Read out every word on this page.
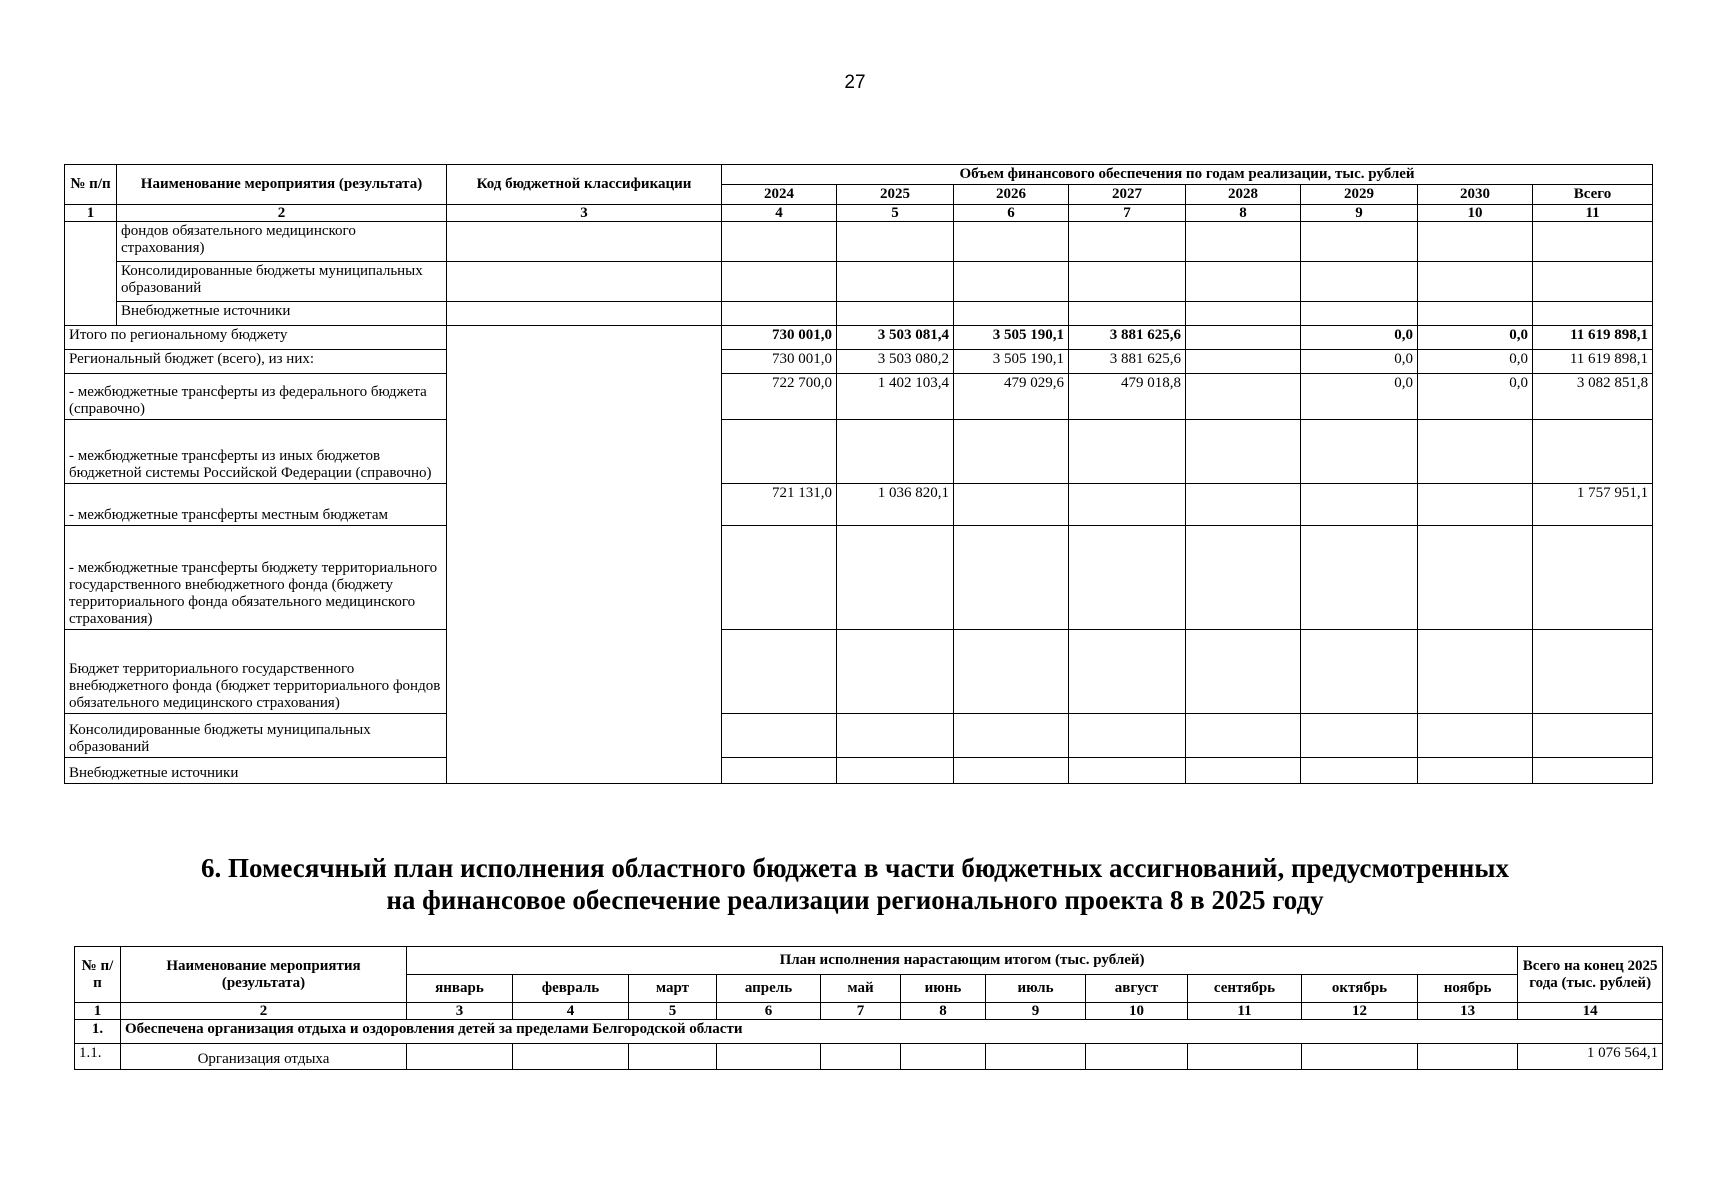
27
№ п/п	Наименование мероприятия (результата)	Код бюджетной классификации	Объем финансового обеспечения по годам реализации, тыс. рублей							
			2024	2025	2026	2027	2028	2029	2030	Всего
1	2	3	4	5	6	7	8	9	10	11
	фондов обязательного медицинского страхования)									
	Консолидированные бюджеты муниципальных образований									
	Внебюджетные источники									
Итого по региональному бюджету			730 001,0	3 503 081,4	3 505 190,1	3 881 625,6		0,0	0,0	11 619 898,1
Региональный бюджет (всего), из них:			730 001,0	3 503 080,2	3 505 190,1	3 881 625,6		0,0	0,0	11 619 898,1
- межбюджетные трансферты из федерального бюджета (справочно)			722 700,0	1 402 103,4	479 029,6	479 018,8		0,0	0,0	3 082 851,8
- межбюджетные трансферты из иных бюджетов бюджетной системы Российской Федерации (справочно)										
- межбюджетные трансферты местным бюджетам			721 131,0	1 036 820,1						1 757 951,1
- межбюджетные трансферты бюджету территориального государственного внебюджетного фонда (бюджету территориального фонда обязательного медицинского страхования)										
Бюджет территориального государственного внебюджетного фонда (бюджет территориального фондов обязательного медицинского страхования)										
Консолидированные бюджеты муниципальных образований										
Внебюджетные источники										
6. Помесячный план исполнения областного бюджета в части бюджетных ассигнований, предусмотренных
на финансовое обеспечение реализации регионального проекта 8 в 2025 году
№ п/п	Наименование мероприятия (результата)	План исполнения нарастающим итогом (тыс. рублей)											Всего на конец 2025 года (тыс. рублей)
		январь	февраль	март	апрель	май	июнь	июль	август	сентябрь	октябрь	ноябрь	
1	2	3	4	5	6	7	8	9	10	11	12	13	14
1.	Обеспечена организация отдыха и оздоровления детей за пределами Белгородской области												
1.1.	Организация отдыха												1 076 564,1
